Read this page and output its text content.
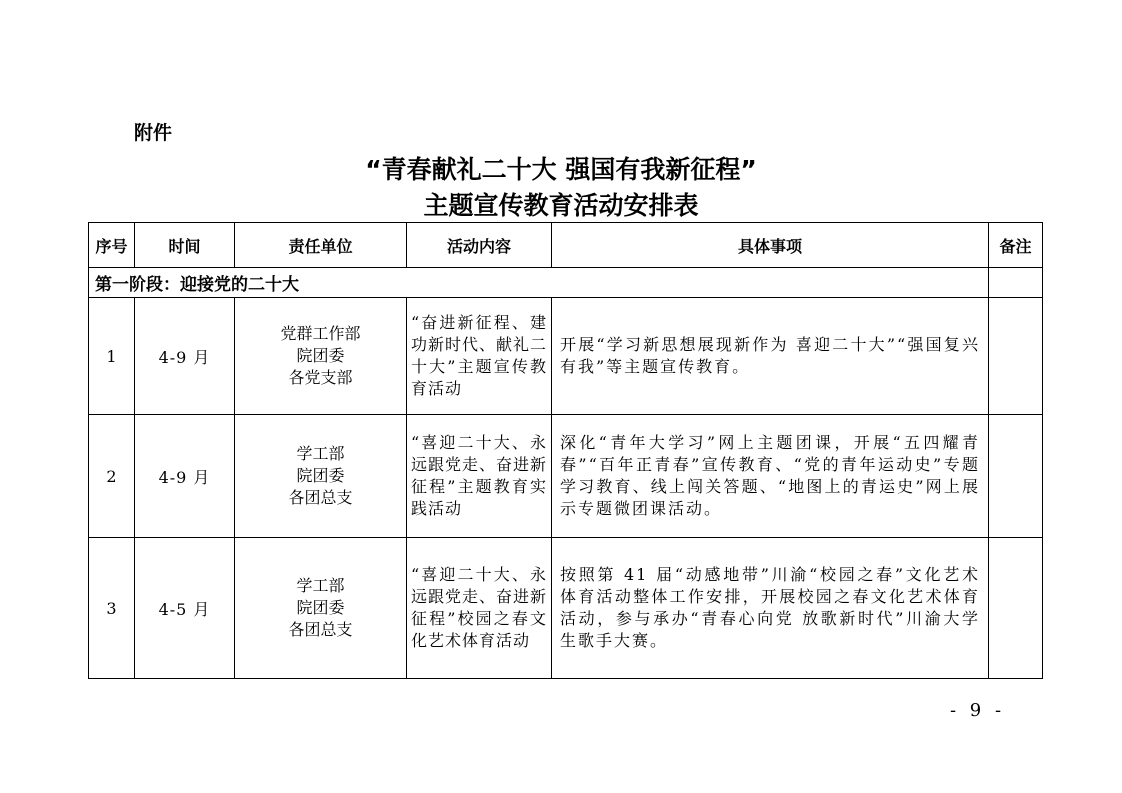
附件
“青春献礼二十大 强国有我新征程”
主题宣传教育活动安排表
序号	时间	责任单位	活动内容	具体事项	备注
第一阶段：迎接党的二十大					
1	4-9 月	党群工作部
院团委
各党支部	“奋进新征程、建功新时代、献礼二十大”主题宣传教育活动	开展“学习新思想展现新作为 喜迎二十大”“强国复兴有我”等主题宣传教育。	
2	4-9 月	学工部
院团委
各团总支	“喜迎二十大、永远跟党走、奋进新征程”主题教育实践活动	深化“青年大学习”网上主题团课，开展“五四耀青春”“百年正青春”宣传教育、“党的青年运动史”专题学习教育、线上闯关答题、“地图上的青运史”网上展示专题微团课活动。	
3	4-5 月	学工部
院团委
各团总支	“喜迎二十大、永远跟党走、奋进新征程”校园之春文化艺术体育活动	按照第 41 届“动感地带”川渝“校园之春”文化艺术体育活动整体工作安排，开展校园之春文化艺术体育活动，参与承办“青春心向党 放歌新时代”川渝大学生歌手大赛。	
- 9 -
